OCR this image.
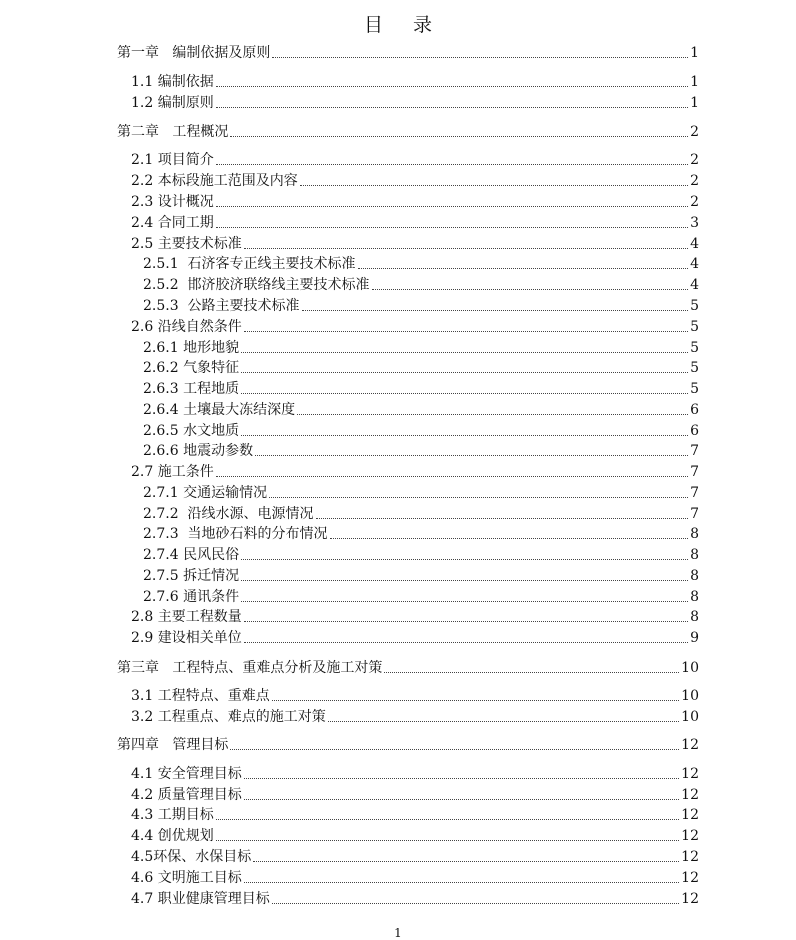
目 录
第一章 编制依据及原则	1
1.1 编制依据	1
1.2 编制原则	1
第二章 工程概况	2
2.1 项目简介	2
2.2 本标段施工范围及内容	2
2.3 设计概况	2
2.4 合同工期	3
2.5 主要技术标准	4
2.5.1 石济客专正线主要技术标准	4
2.5.2 邯济胶济联络线主要技术标准	4
2.5.3 公路主要技术标准	5
2.6 沿线自然条件	5
2.6.1 地形地貌	5
2.6.2 气象特征	5
2.6.3 工程地质	5
2.6.4 土壤最大冻结深度	6
2.6.5 水文地质	6
2.6.6 地震动参数	7
2.7 施工条件	7
2.7.1 交通运输情况	7
2.7.2 沿线水源、电源情况	7
2.7.3 当地砂石料的分布情况	8
2.7.4 民风民俗	8
2.7.5 拆迁情况	8
2.7.6 通讯条件	8
2.8 主要工程数量	8
2.9 建设相关单位	9
第三章 工程特点、重难点分析及施工对策	10
3.1 工程特点、重难点	10
3.2 工程重点、难点的施工对策	10
第四章 管理目标	12
4.1 安全管理目标	12
4.2 质量管理目标	12
4.3 工期目标	12
4.4 创优规划	12
4.5环保、水保目标	12
4.6 文明施工目标	12
4.7 职业健康管理目标	12
1
